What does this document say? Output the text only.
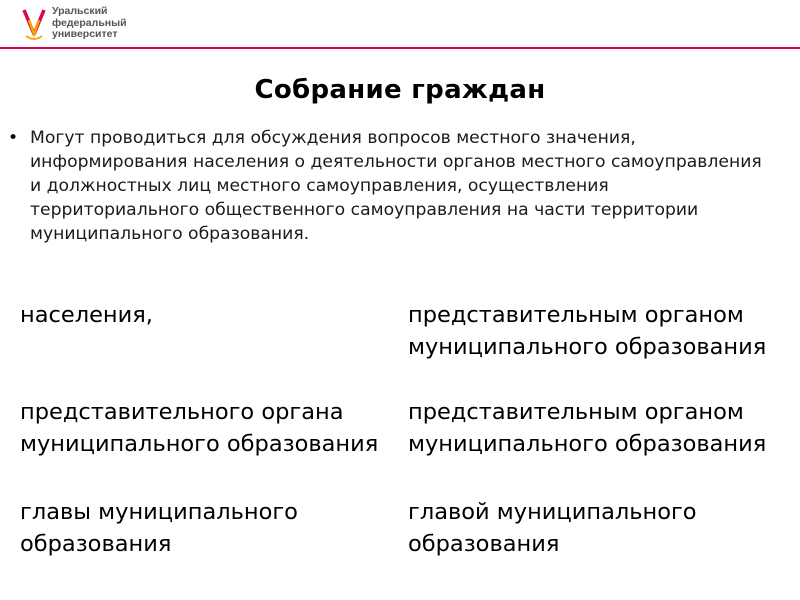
Уральский
федеральный
университет
Собрание граждан
• Могут проводиться для обсуждения вопросов местного значения, информирования населения о деятельности органов местного самоуправления и должностных лиц местного самоуправления, осуществления территориального общественного самоуправления на части территории муниципального образования.
населения,	представительным органом муниципального образования
представительного органа муниципального образования
представительным органом муниципального образования
главы муниципального образования
главой муниципального образования
